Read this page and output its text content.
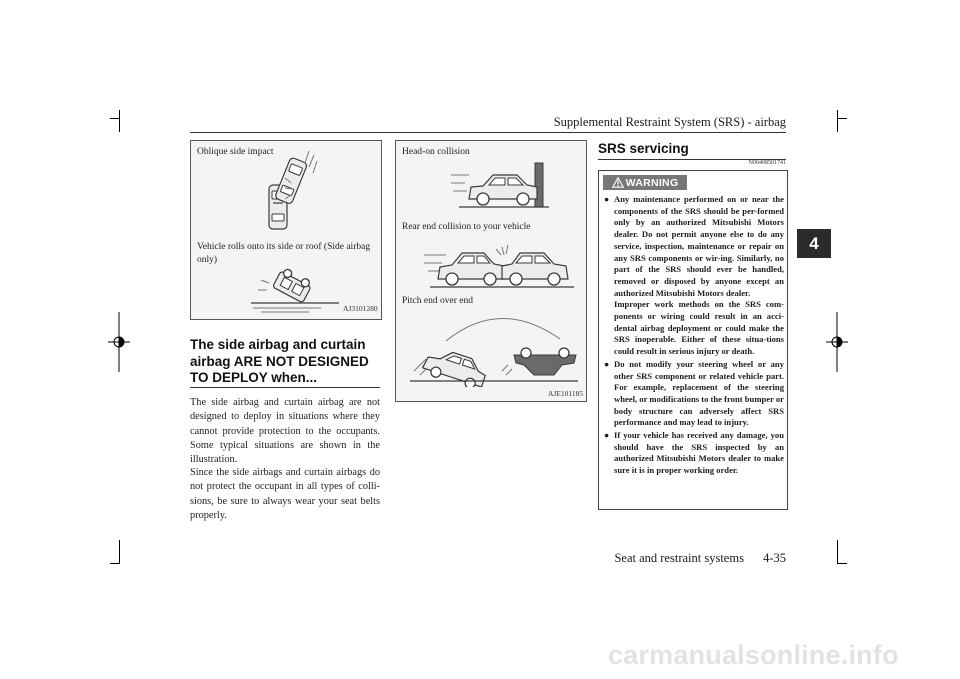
Supplemental Restraint System (SRS) - airbag
4
Oblique side impact
Vehicle rolls onto its side or roof (Side airbag only)
AJ3101280
The side airbag and curtain airbag ARE NOT DESIGNED TO DEPLOY when...
The side airbag and curtain airbag are not designed to deploy in situations where they cannot provide protection to the occupants. Some typical situations are shown in the illustration.
Since the side airbags and curtain airbags do not protect the occupant in all types of colli-sions, be sure to always wear your seat belts properly.
Head-on collision
Rear end collision to your vehicle
Pitch end over end
AJE101185
SRS servicing
N00408501741
WARNING
● Any maintenance performed on or near the components of the SRS should be per-formed only by an authorized Mitsubishi Motors dealer. Do not permit anyone else to do any service, inspection, maintenance or repair on any SRS components or wir-ing. Similarly, no part of the SRS should ever be handled, removed or disposed by anyone except an authorized Mitsubishi Motors dealer.
Improper work methods on the SRS com-ponents or wiring could result in an acci-dental airbag deployment or could make the SRS inoperable. Either of these situa-tions could result in serious injury or death.
● Do not modify your steering wheel or any other SRS component or related vehicle part. For example, replacement of the steering wheel, or modifications to the front bumper or body structure can adversely affect SRS performance and may lead to injury.
● If your vehicle has received any damage, you should have the SRS inspected by an authorized Mitsubishi Motors dealer to make sure it is in proper working order.
Seat and restraint systems 4-35
carmanualsonline.info
